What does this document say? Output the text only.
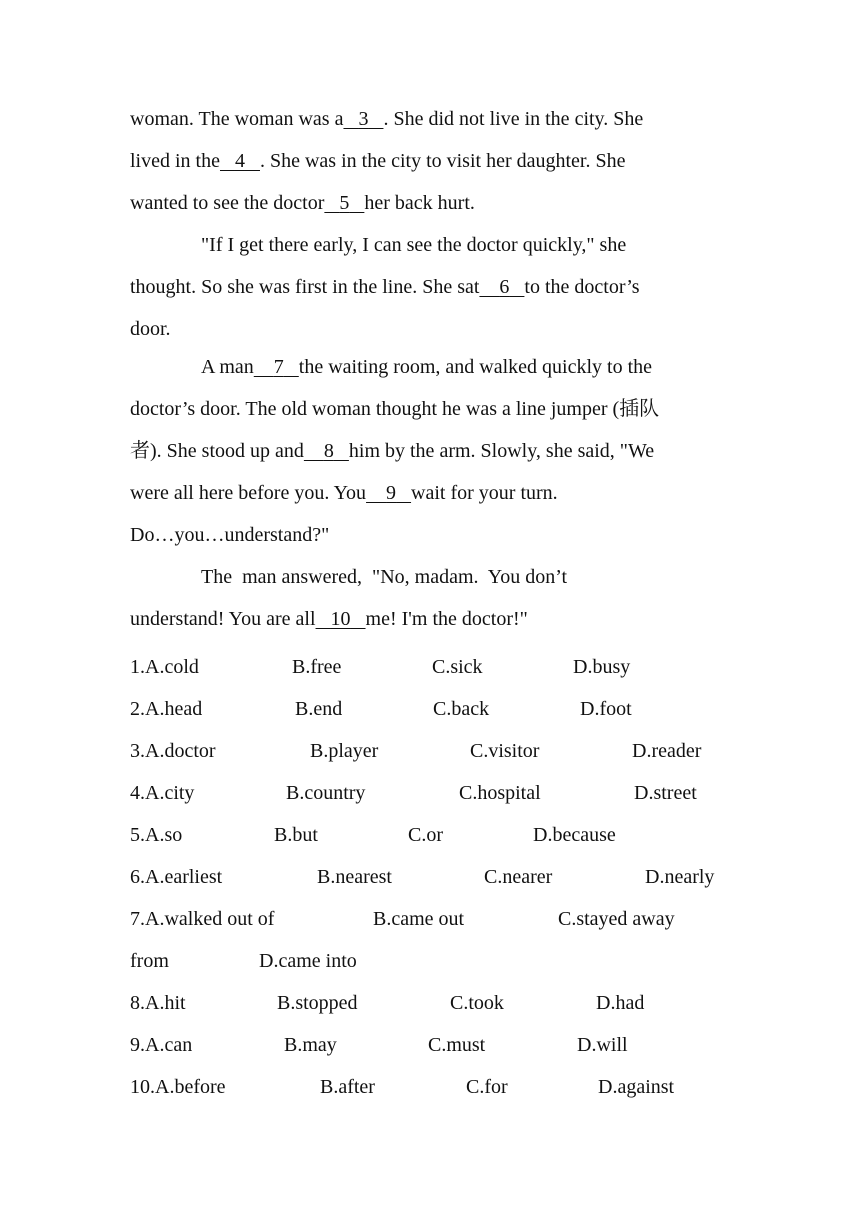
woman. The woman was a 3 . She did not live in the city. She
lived in the 4 . She was in the city to visit her daughter. She
wanted to see the doctor 5 her back hurt.
"If I get there early, I can see the doctor quickly," she
thought. So she was first in the line. She sat 6 to the doctor’s
door.
A man 7 the waiting room, and walked quickly to the
doctor’s door. The old woman thought he was a line jumper (插队
者). She stood up and 8 him by the arm. Slowly, she said, "We
were all here before you. You 9 wait for your turn.
Do…you…understand?"
The  man answered,  "No, madam.  You don’t
understand! You are all 10 me! I'm the doctor!"
1.A.cold	B.free	C.sick	D.busy
2.A.head	B.end	C.back	D.foot
3.A.doctor	B.player	C.visitor	D.reader
4.A.city	B.country	C.hospital	D.street
5.A.so	B.but	C.or	D.because
6.A.earliest	B.nearest	C.nearer	D.nearly
7.A.walked out of	B.came out	C.stayed away
from	D.came into
8.A.hit	B.stopped	C.took	D.had
9.A.can	B.may	C.must	D.will
10.A.before	B.after	C.for	D.against
